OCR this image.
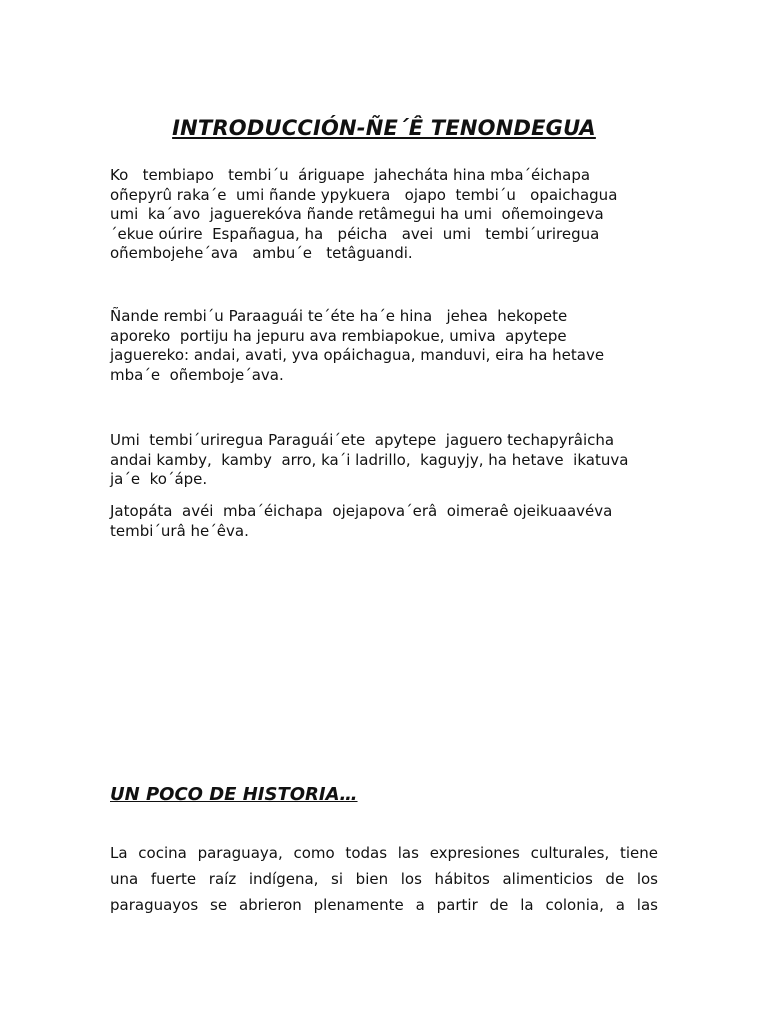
INTRODUCCIÓN-ÑE´Ê TENONDEGUA

Ko   tembiapo   tembi´u  áriguape  jahecháta hina mba´éichapa
oñepyrû raka´e  umi ñande ypykuera   ojapo  tembi´u   opaichagua
umi  ka´avo  jaguerekóva ñande retâmegui ha umi  oñemoingeva
´ekue oúrire  Españagua, ha   péicha   avei  umi   tembi´uriregua
oñembojehe´ava   ambu´e   tetâguandi.

Ñande rembi´u Paraaguái te´éte ha´e hina   jehea  hekopete
aporeko  portiju ha jepuru ava rembiapokue, umiva  apytepe
jaguereko: andai, avati, yva opáichagua, manduvi, eira ha hetave
mba´e  oñemboje´ava.

Umi  tembi´uriregua Paraguái´ete  apytepe  jaguero techapyrâicha
andai kamby,  kamby  arro, ka´i ladrillo,  kaguyjy, ha hetave  ikatuva
ja´e  ko´ápe.

Jatopáta  avéi  mba´éichapa  ojejapova´erâ  oimeraê ojeikuaavéva
tembi´urâ he´êva.

UN POCO DE HISTORIA…

La cocina paraguaya, como todas las expresiones culturales, tiene
una fuerte raíz indígena, si bien los hábitos alimenticios de los
paraguayos se abrieron plenamente a partir de la colonia, a las
